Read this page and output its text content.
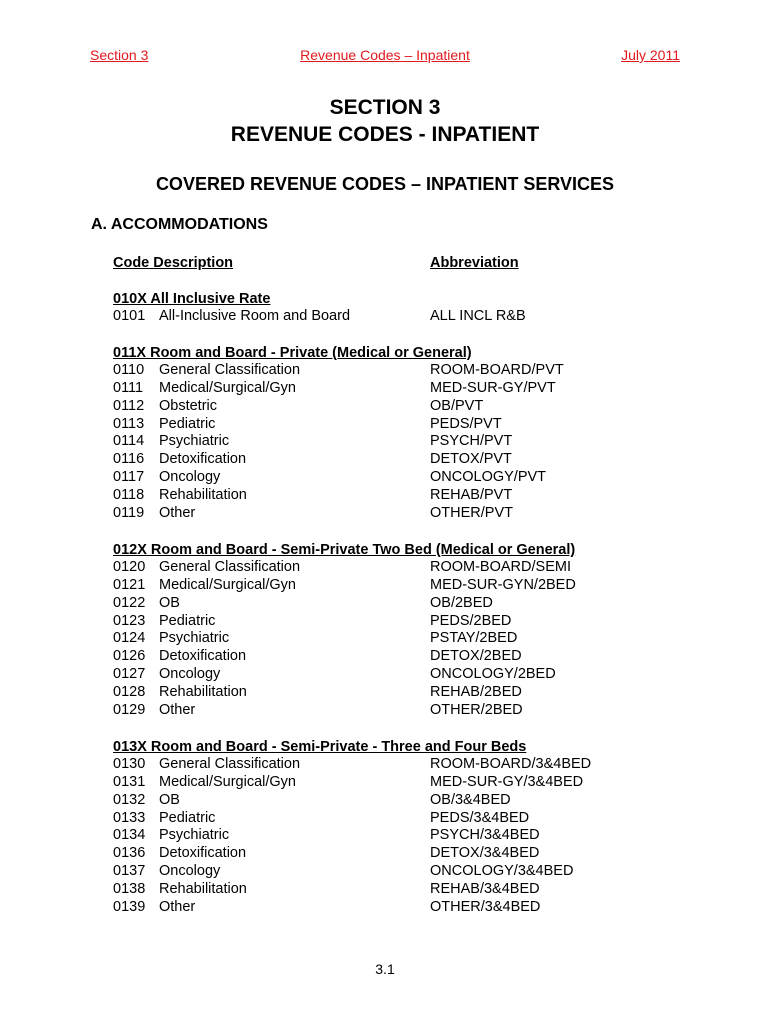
Section 3	Revenue Codes – Inpatient	July 2011
SECTION 3
REVENUE CODES - INPATIENT
COVERED REVENUE CODES – INPATIENT SERVICES
A. ACCOMMODATIONS
Code Description	Abbreviation
010X All Inclusive Rate
0101 All-Inclusive Room and Board	ALL INCL R&B
011X Room and Board - Private (Medical or General)
0110 General Classification	ROOM-BOARD/PVT
0111 Medical/Surgical/Gyn	MED-SUR-GY/PVT
0112 Obstetric	OB/PVT
0113 Pediatric	PEDS/PVT
0114 Psychiatric	PSYCH/PVT
0116 Detoxification	DETOX/PVT
0117 Oncology	ONCOLOGY/PVT
0118 Rehabilitation	REHAB/PVT
0119 Other	OTHER/PVT
012X Room and Board - Semi-Private Two Bed (Medical or General)
0120 General Classification	ROOM-BOARD/SEMI
0121 Medical/Surgical/Gyn	MED-SUR-GYN/2BED
0122 OB	OB/2BED
0123 Pediatric	PEDS/2BED
0124 Psychiatric	PSTAY/2BED
0126 Detoxification	DETOX/2BED
0127 Oncology	ONCOLOGY/2BED
0128 Rehabilitation	REHAB/2BED
0129 Other	OTHER/2BED
013X Room and Board - Semi-Private - Three and Four Beds
0130 General Classification	ROOM-BOARD/3&4BED
0131 Medical/Surgical/Gyn	MED-SUR-GY/3&4BED
0132 OB	OB/3&4BED
0133 Pediatric	PEDS/3&4BED
0134 Psychiatric	PSYCH/3&4BED
0136 Detoxification	DETOX/3&4BED
0137 Oncology	ONCOLOGY/3&4BED
0138 Rehabilitation	REHAB/3&4BED
0139 Other	OTHER/3&4BED
3.1
